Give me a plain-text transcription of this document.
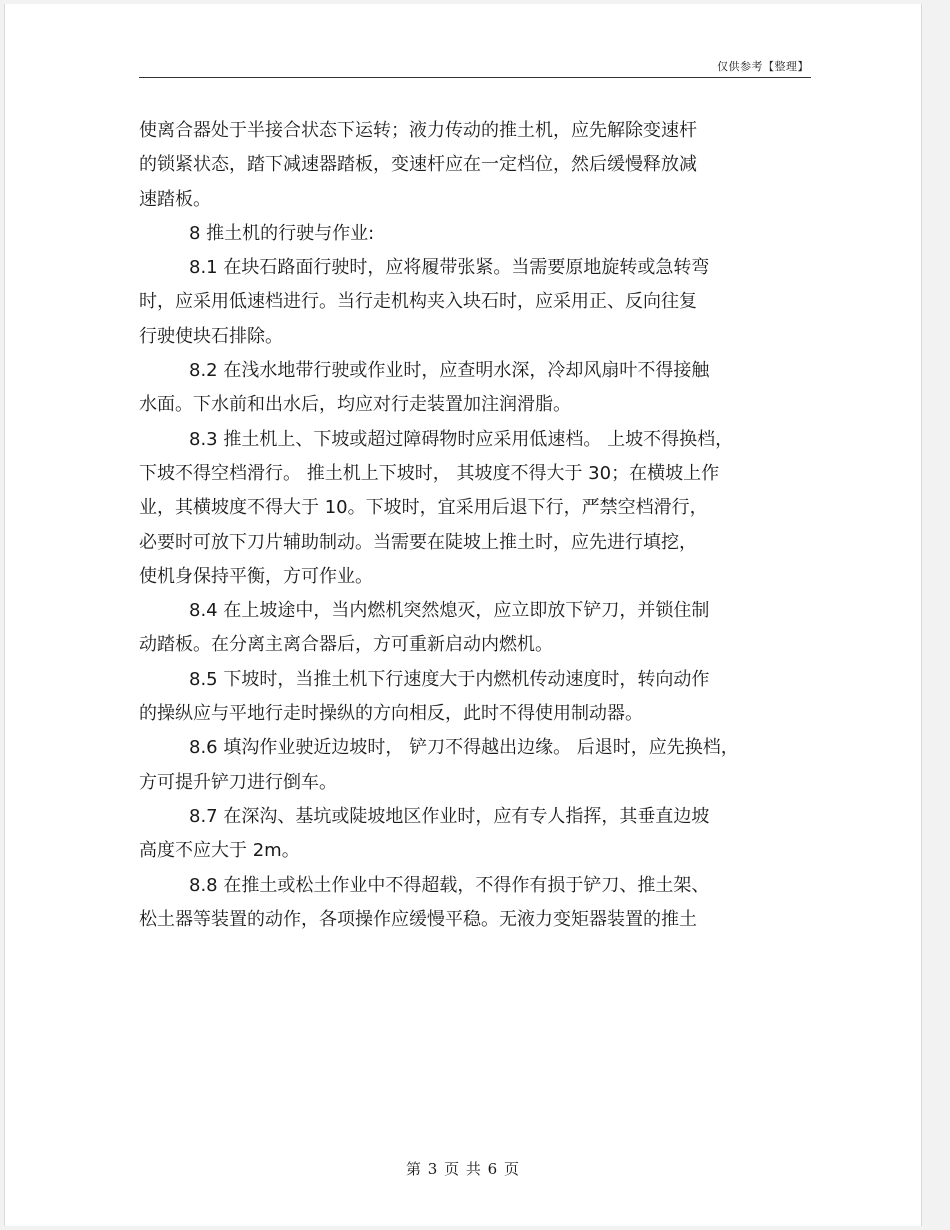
仅供参考【整理】
使离合器处于半接合状态下运转；液力传动的推土机，应先解除变速杆
的锁紧状态，踏下减速器踏板，变速杆应在一定档位，然后缓慢释放减
速踏板。
8 推土机的行驶与作业:
8.1 在块石路面行驶时，应将履带张紧。当需要原地旋转或急转弯
时，应采用低速档进行。当行走机构夹入块石时，应采用正、反向往复
行驶使块石排除。
8.2 在浅水地带行驶或作业时，应查明水深，冷却风扇叶不得接触
水面。下水前和出水后，均应对行走装置加注润滑脂。
8.3 推土机上、下坡或超过障碍物时应采用低速档。 上坡不得换档，
下坡不得空档滑行。 推土机上下坡时， 其坡度不得大于 30；在横坡上作
业，其横坡度不得大于 10。下坡时，宜采用后退下行，严禁空档滑行，
必要时可放下刀片辅助制动。当需要在陡坡上推土时，应先进行填挖，
使机身保持平衡，方可作业。
8.4 在上坡途中，当内燃机突然熄灭，应立即放下铲刀，并锁住制
动踏板。在分离主离合器后，方可重新启动内燃机。
8.5 下坡时，当推土机下行速度大于内燃机传动速度时，转向动作
的操纵应与平地行走时操纵的方向相反，此时不得使用制动器。
8.6 填沟作业驶近边坡时， 铲刀不得越出边缘。 后退时，应先换档，
方可提升铲刀进行倒车。
8.7 在深沟、基坑或陡坡地区作业时，应有专人指挥，其垂直边坡
高度不应大于 2m。
8.8 在推土或松土作业中不得超载，不得作有损于铲刀、推土架、
松土器等装置的动作，各项操作应缓慢平稳。无液力变矩器装置的推土
第 3 页 共 6 页
